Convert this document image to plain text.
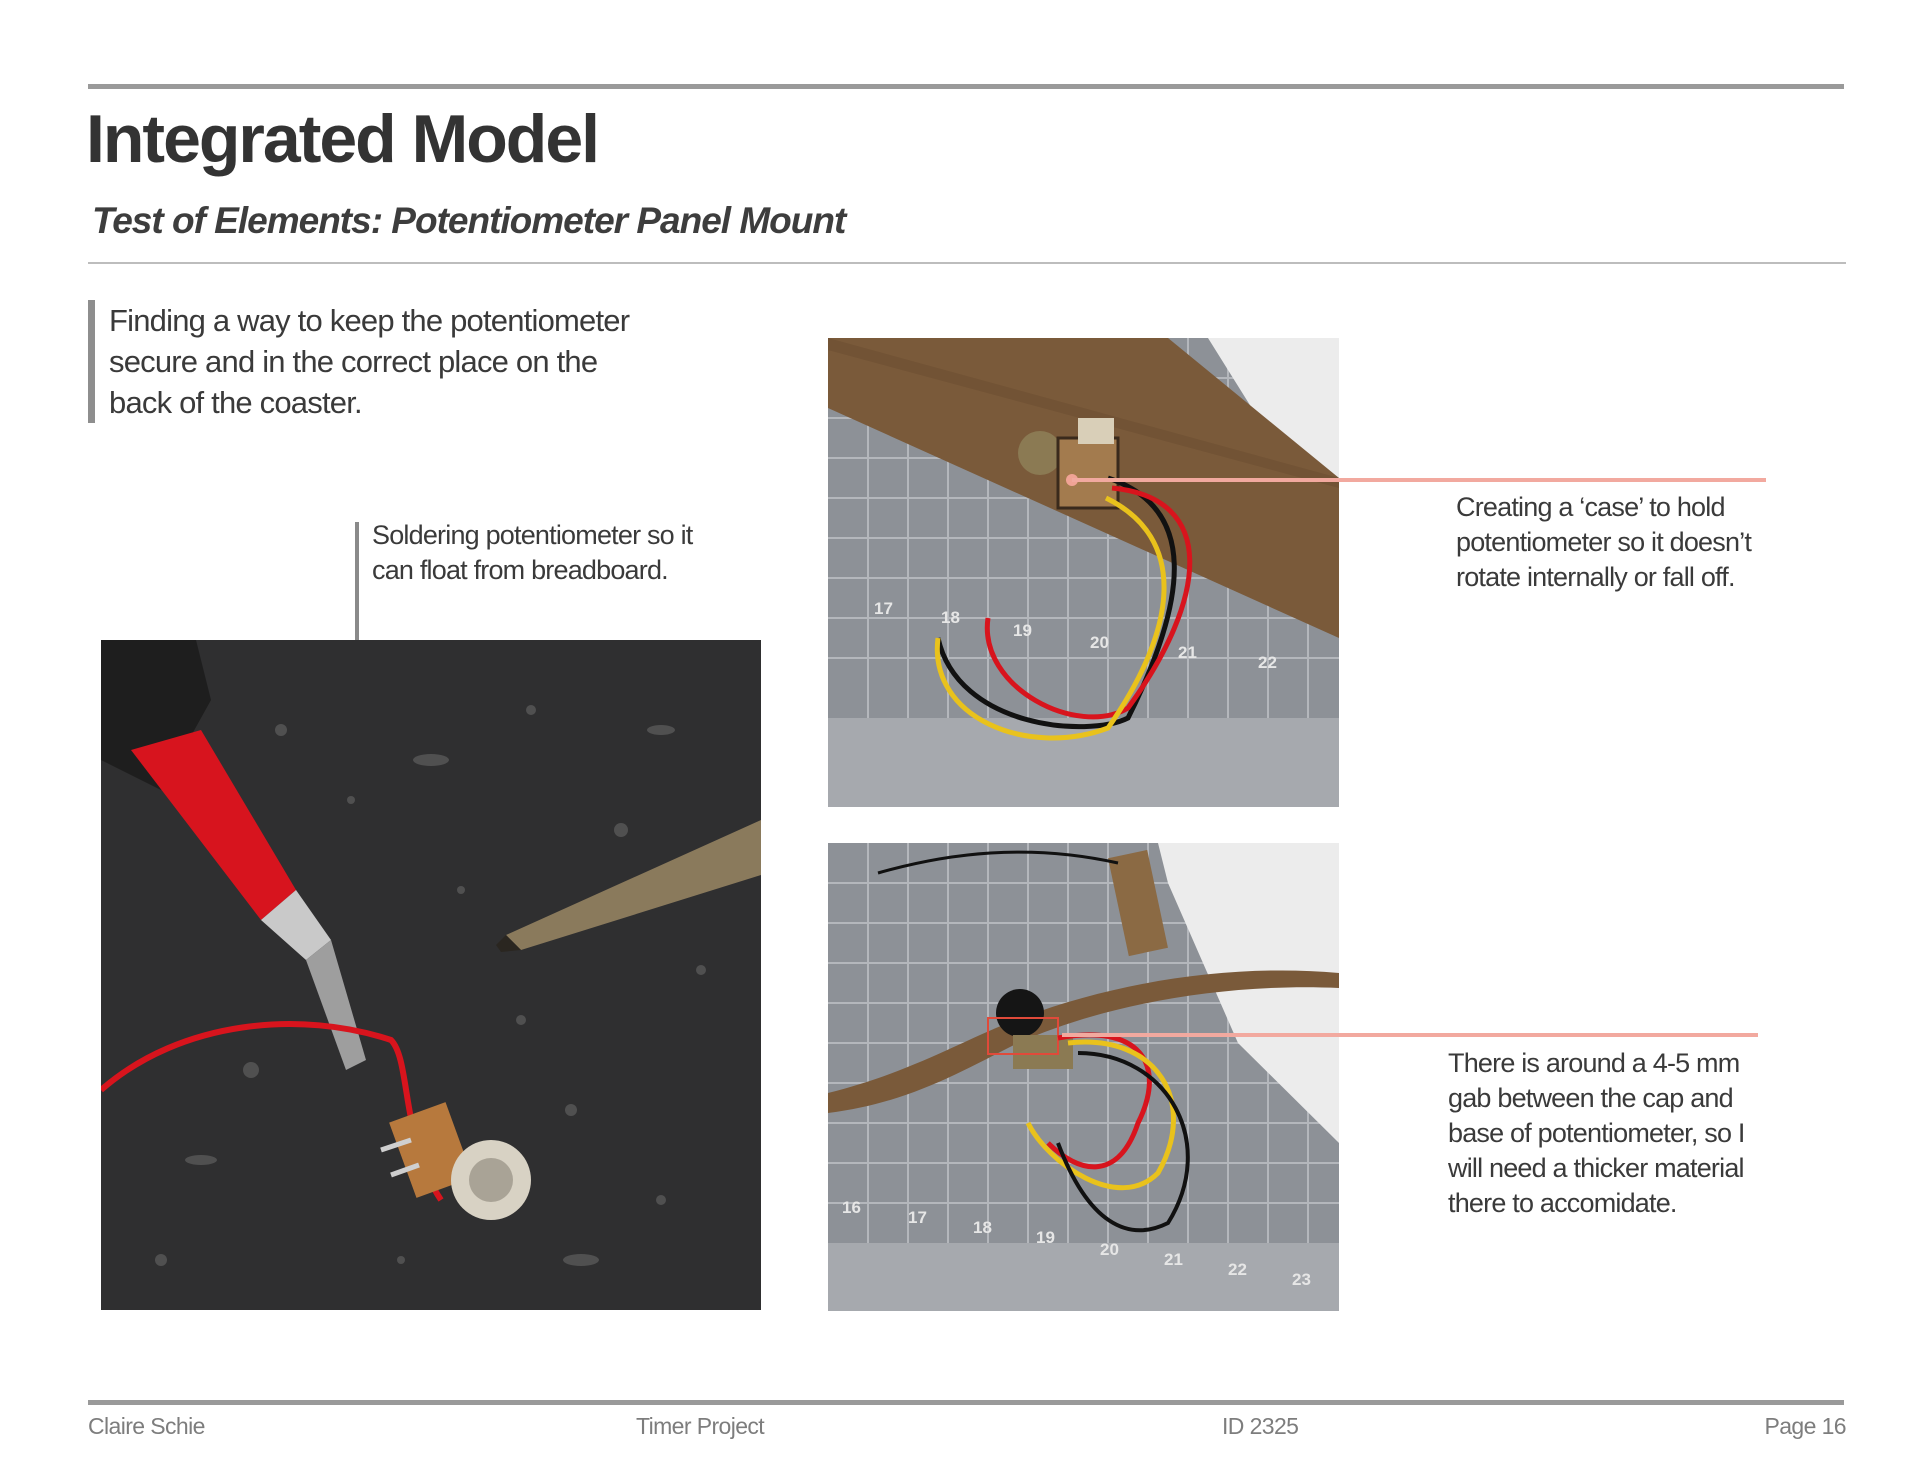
Integrated Model
Test of Elements: Potentiometer Panel Mount
Finding a way to keep the potentiometer
secure and in the correct place on the
back of the coaster.
Soldering potentiometer so it
can float from breadboard.
17	18
19
20
21
22
Creating a ‘case’ to hold
potentiometer so it doesn’t
rotate internally or fall off.
16
17
18
19
20
21
22
23
There is around a 4-5 mm
gab between the cap and
base of potentiometer, so I
will need a thicker material
there to accomidate.
Claire Schie	Timer Project	ID 2325	Page 16
